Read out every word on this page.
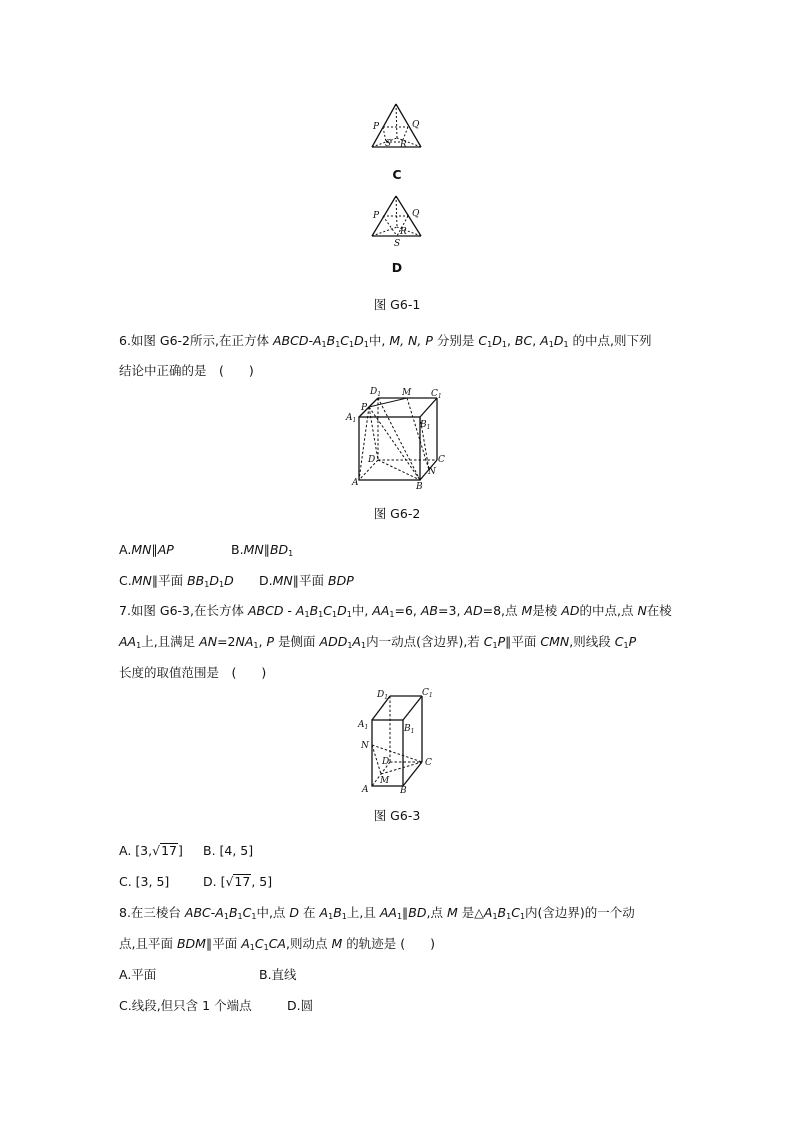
P	Q
S R
C
P	Q
R
S
D
图 G6-1
6.如图 G6-2所示,在正方体 ABCD-$A_1B_1C_1D_1$中, M, N, P 分别是 $C_1D_1$, BC, $A_1D_1$ 的中点,则下列
结论中正确的是　(　　)
$D_1$ M $C_1$
$A_1$
P
$B_1$
D	C
N
A	B
图 G6-2
A.MN∥AP	$B.MN\parallel BD_1$
C.MN∥平面 $BB_1D_1D$ D.MN∥平面 BDP
7.如图 G6-3,在长方体 ABCD - $A_1B_1C_1D_1$中, $AA_1=6$, AB=3, AD=8,点 M是棱 AD的中点,点 N在棱
$AA_1$上,且满足 $AN=2NA_1$, P 是侧面 $ADD_1A_1$内一动点(含边界),若 $C_1P\parallel$平面 CMN,则线段 $C_1P$
长度的取值范围是　(　　)
$D_1$	$C_1$
$A_1$	$B_1$
N
D	C
M
A	B
图 G6-3
A. [3,√17] B. [4, 5]
C. [3, 5]	D. [√17, 5]
8.在三棱台 ABC-$A_1B_1C_1$中,点 D 在 $A_1B_1$上,且 $AA_1\parallel BD$,点 M 是$\triangle A_1B_1C_1$内(含边界)的一个动
点,且平面 BDM∥平面 $A_1C_1CA$,则动点 M 的轨迹是 (　　)
A.平面	B.直线
C.线段,但只含 1 个端点	D.圆
